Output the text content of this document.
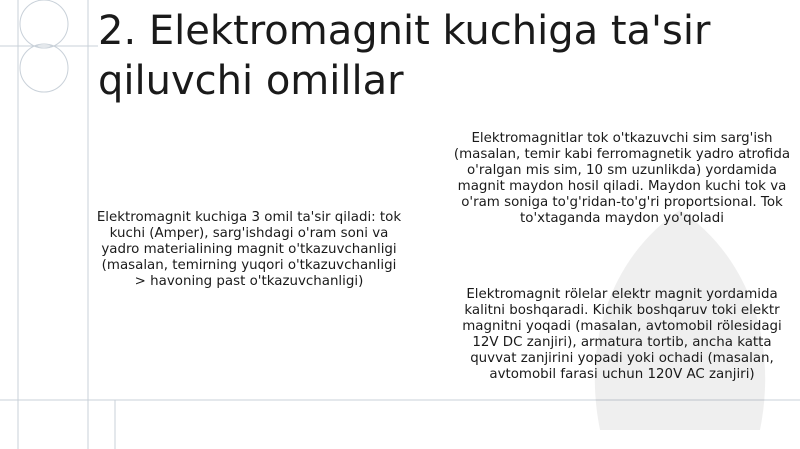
2. Elektromagnit kuchiga ta'sir qiluvchi omillar

Elektromagnit kuchiga 3 omil ta'sir qiladi: tok kuchi (Amper), sarg'ishdagi o'ram soni va yadro materialining magnit o'tkazuvchanligi (masalan, temirning yuqori o'tkazuvchanligi > havoning past o'tkazuvchanligi)

Elektromagnitlar tok o'tkazuvchi sim sarg'ish (masalan, temir kabi ferromagnetik yadro atrofida o'ralgan mis sim, 10 sm uzunlikda) yordamida magnit maydon hosil qiladi. Maydon kuchi tok va o'ram soniga to'g'ridan-to'g'ri proportsional. Tok to'xtaganda maydon yo'qoladi

Elektromagnit rölelar elektr magnit yordamida kalitni boshqaradi. Kichik boshqaruv toki elektr magnitni yoqadi (masalan, avtomobil rölesidagi 12V DC zanjiri), armatura tortib, ancha katta quvvat zanjirini yopadi yoki ochadi (masalan, avtomobil farasi uchun 120V AC zanjiri)
